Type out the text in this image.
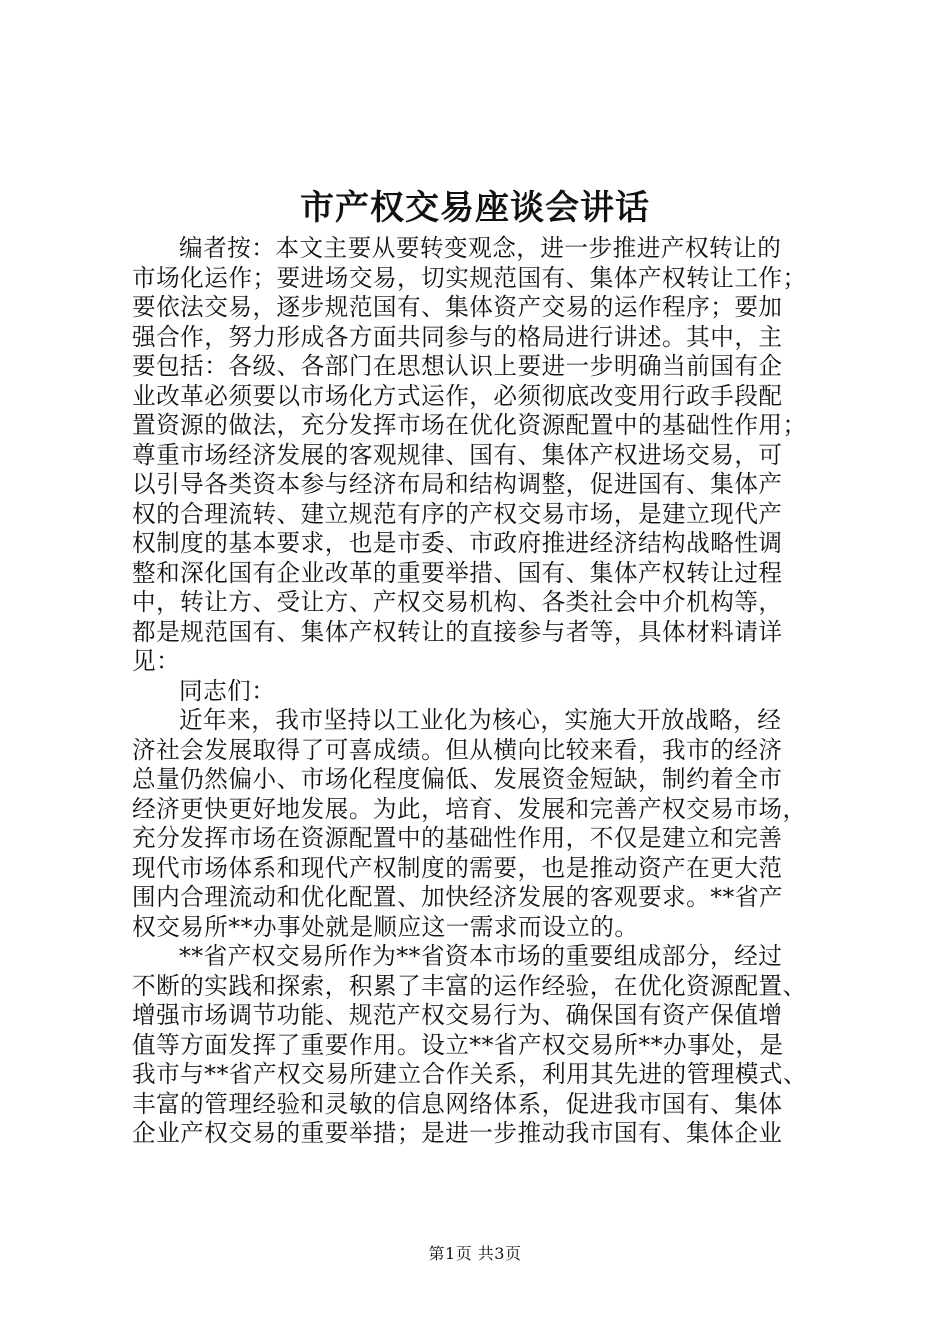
市产权交易座谈会讲话
编者按：本文主要从要转变观念，进一步推进产权转让的
市场化运作；要进场交易，切实规范国有、集体产权转让工作；
要依法交易，逐步规范国有、集体资产交易的运作程序；要加
强合作，努力形成各方面共同参与的格局进行讲述。其中，主
要包括：各级、各部门在思想认识上要进一步明确当前国有企
业改革必须要以市场化方式运作，必须彻底改变用行政手段配
置资源的做法，充分发挥市场在优化资源配置中的基础性作用；
尊重市场经济发展的客观规律、国有、集体产权进场交易，可
以引导各类资本参与经济布局和结构调整，促进国有、集体产
权的合理流转、建立规范有序的产权交易市场，是建立现代产
权制度的基本要求，也是市委、市政府推进经济结构战略性调
整和深化国有企业改革的重要举措、国有、集体产权转让过程
中，转让方、受让方、产权交易机构、各类社会中介机构等，
都是规范国有、集体产权转让的直接参与者等，具体材料请详
见：
同志们：
近年来，我市坚持以工业化为核心，实施大开放战略，经
济社会发展取得了可喜成绩。但从横向比较来看，我市的经济
总量仍然偏小、市场化程度偏低、发展资金短缺，制约着全市
经济更快更好地发展。为此，培育、发展和完善产权交易市场，
充分发挥市场在资源配置中的基础性作用，不仅是建立和完善
现代市场体系和现代产权制度的需要，也是推动资产在更大范
围内合理流动和优化配置、加快经济发展的客观要求。**省产
权交易所**办事处就是顺应这一需求而设立的。
**省产权交易所作为**省资本市场的重要组成部分，经过
不断的实践和探索，积累了丰富的运作经验，在优化资源配置、
增强市场调节功能、规范产权交易行为、确保国有资产保值增
值等方面发挥了重要作用。设立**省产权交易所**办事处，是
我市与**省产权交易所建立合作关系，利用其先进的管理模式、
丰富的管理经验和灵敏的信息网络体系，促进我市国有、集体
企业产权交易的重要举措；是进一步推动我市国有、集体企业
第1页 共3页
